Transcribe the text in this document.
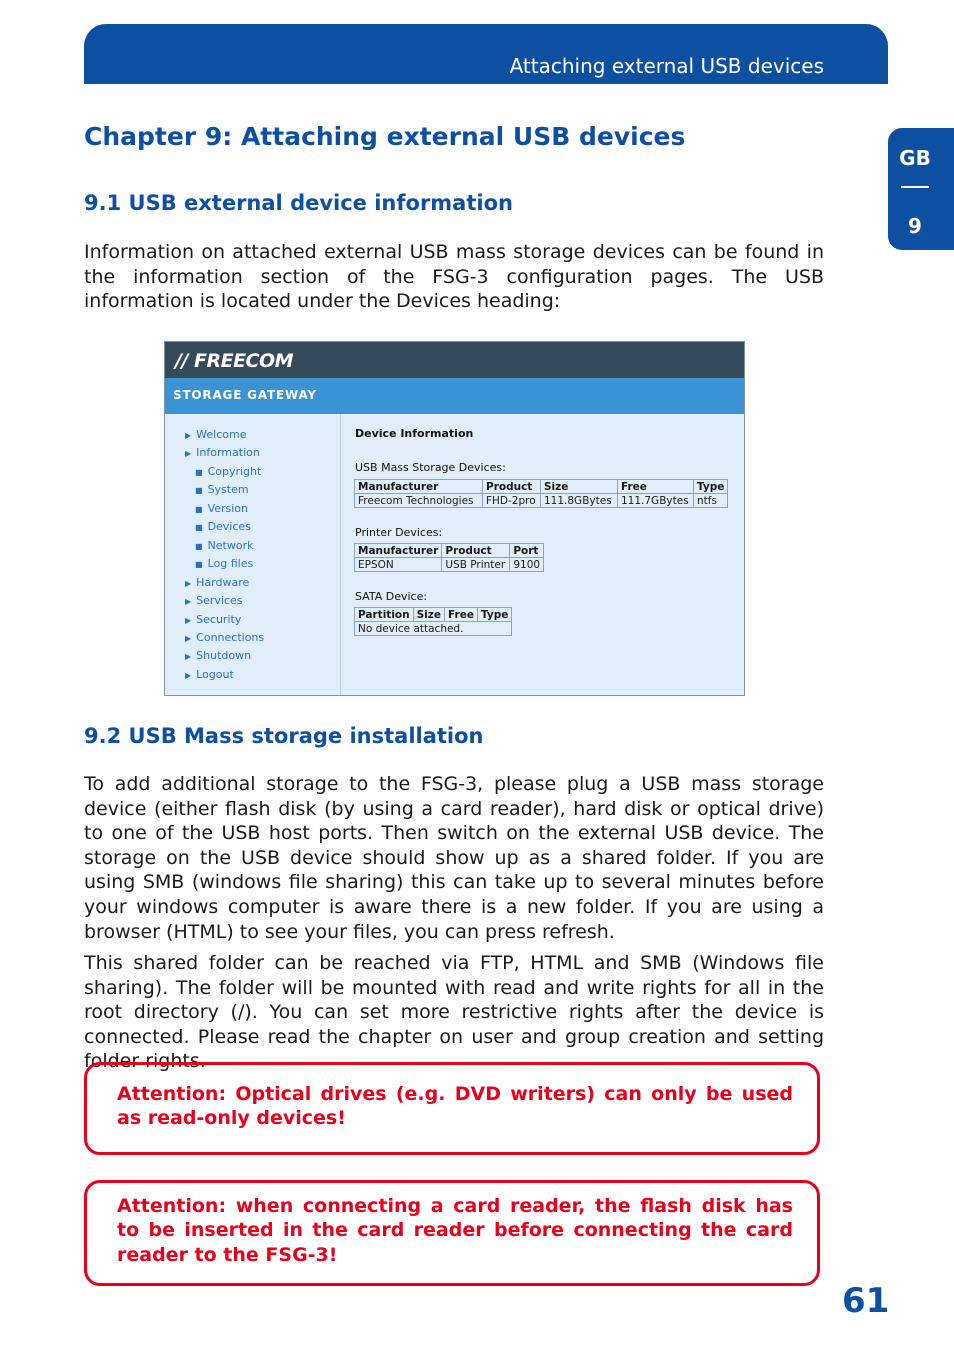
Attaching external USB devices
GB
9
Chapter 9: Attaching external USB devices
9.1 USB external device information

Information on attached external USB mass storage devices can be found in the information section of the FSG-3 configuration pages. The USB information is located under the Devices heading:

// FREECOM
STORAGE GATEWAY
▶ Welcome
▶ Information
■ Copyright
■ System
■ Version
■ Devices
■ Network
■ Log files
▶ Hardware
▶ Services
▶ Security
▶ Connections
▶ Shutdown
▶ Logout
Device Information
USB Mass Storage Devices:
Manufacturer	Product	Size	Free	Type
Freecom Technologies	FHD-2pro	111.8GBytes	111.7GBytes	ntfs
Printer Devices:
Manufacturer	Product	Port
EPSON	USB Printer	9100
SATA Device:
Partition	Size	Free	Type
No device attached.
9.2 USB Mass storage installation

To add additional storage to the FSG-3, please plug a USB mass storage device (either flash disk (by using a card reader), hard disk or optical drive) to one of the USB host ports. Then switch on the external USB device. The storage on the USB device should show up as a shared folder. If you are using SMB (windows file sharing) this can take up to several minutes before your windows computer is aware there is a new folder. If you are using a browser (HTML) to see your files, you can press refresh.

This shared folder can be reached via FTP, HTML and SMB (Windows file sharing). The folder will be mounted with read and write rights for all in the root directory (/). You can set more restrictive rights after the device is connected. Please read the chapter on user and group creation and setting folder rights.

Attention: Optical drives (e.g. DVD writers) can only be used as read-only devices!

Attention: when connecting a card reader, the flash disk has to be inserted in the card reader before connecting the card reader to the FSG-3!

61
